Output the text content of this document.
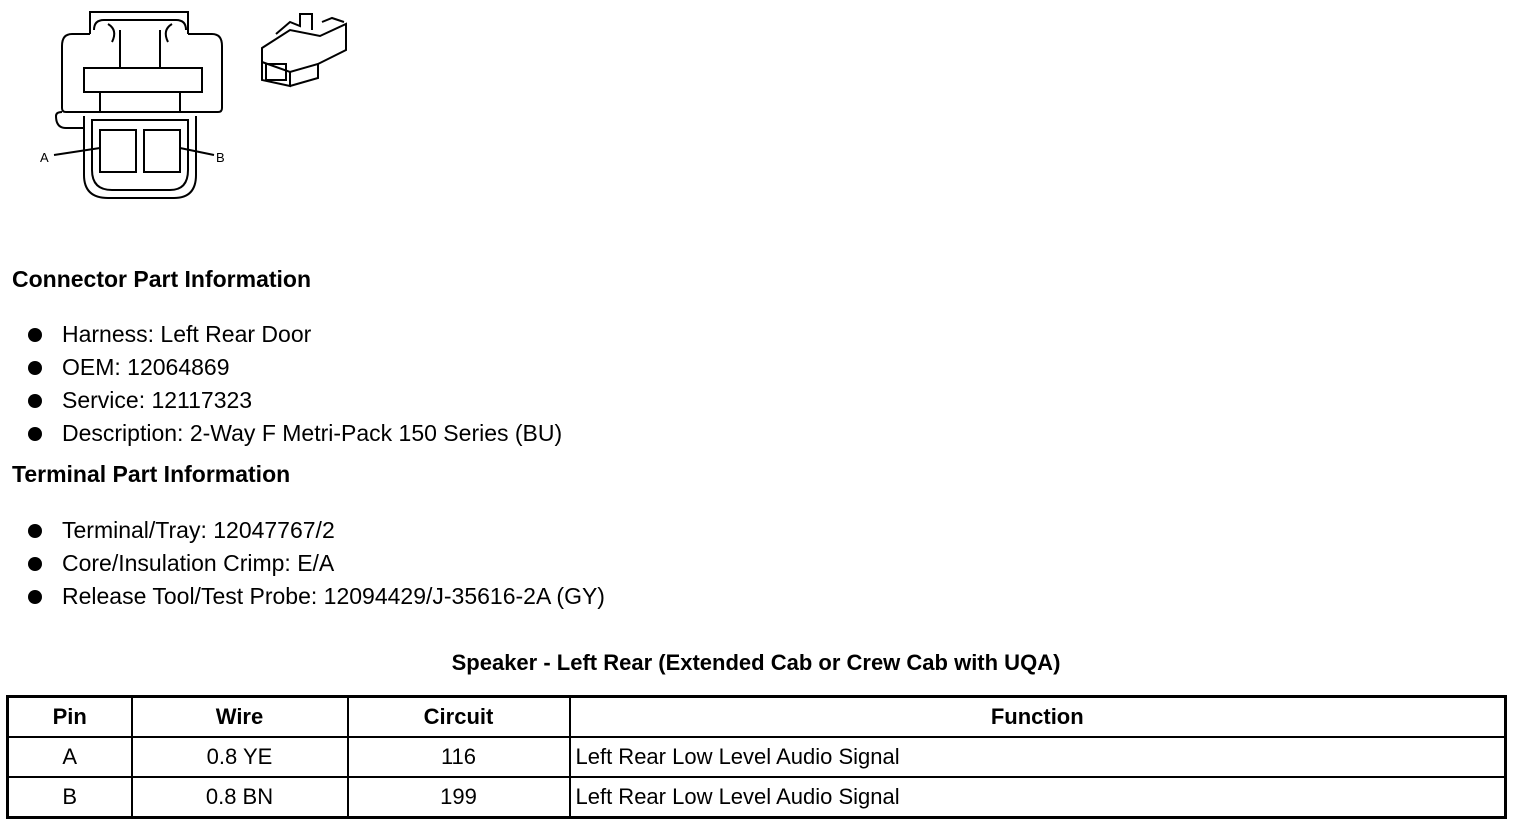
A	B
Connector Part Information
Harness: Left Rear Door
OEM: 12064869
Service: 12117323
Description: 2-Way F Metri-Pack 150 Series (BU)
Terminal Part Information
Terminal/Tray: 12047767/2
Core/Insulation Crimp: E/A
Release Tool/Test Probe: 12094429/J-35616-2A (GY)
Speaker - Left Rear (Extended Cab or Crew Cab with UQA)
Pin	Wire	Circuit	Function
A	0.8 YE	116	Left Rear Low Level Audio Signal
B	0.8 BN	199	Left Rear Low Level Audio Signal
